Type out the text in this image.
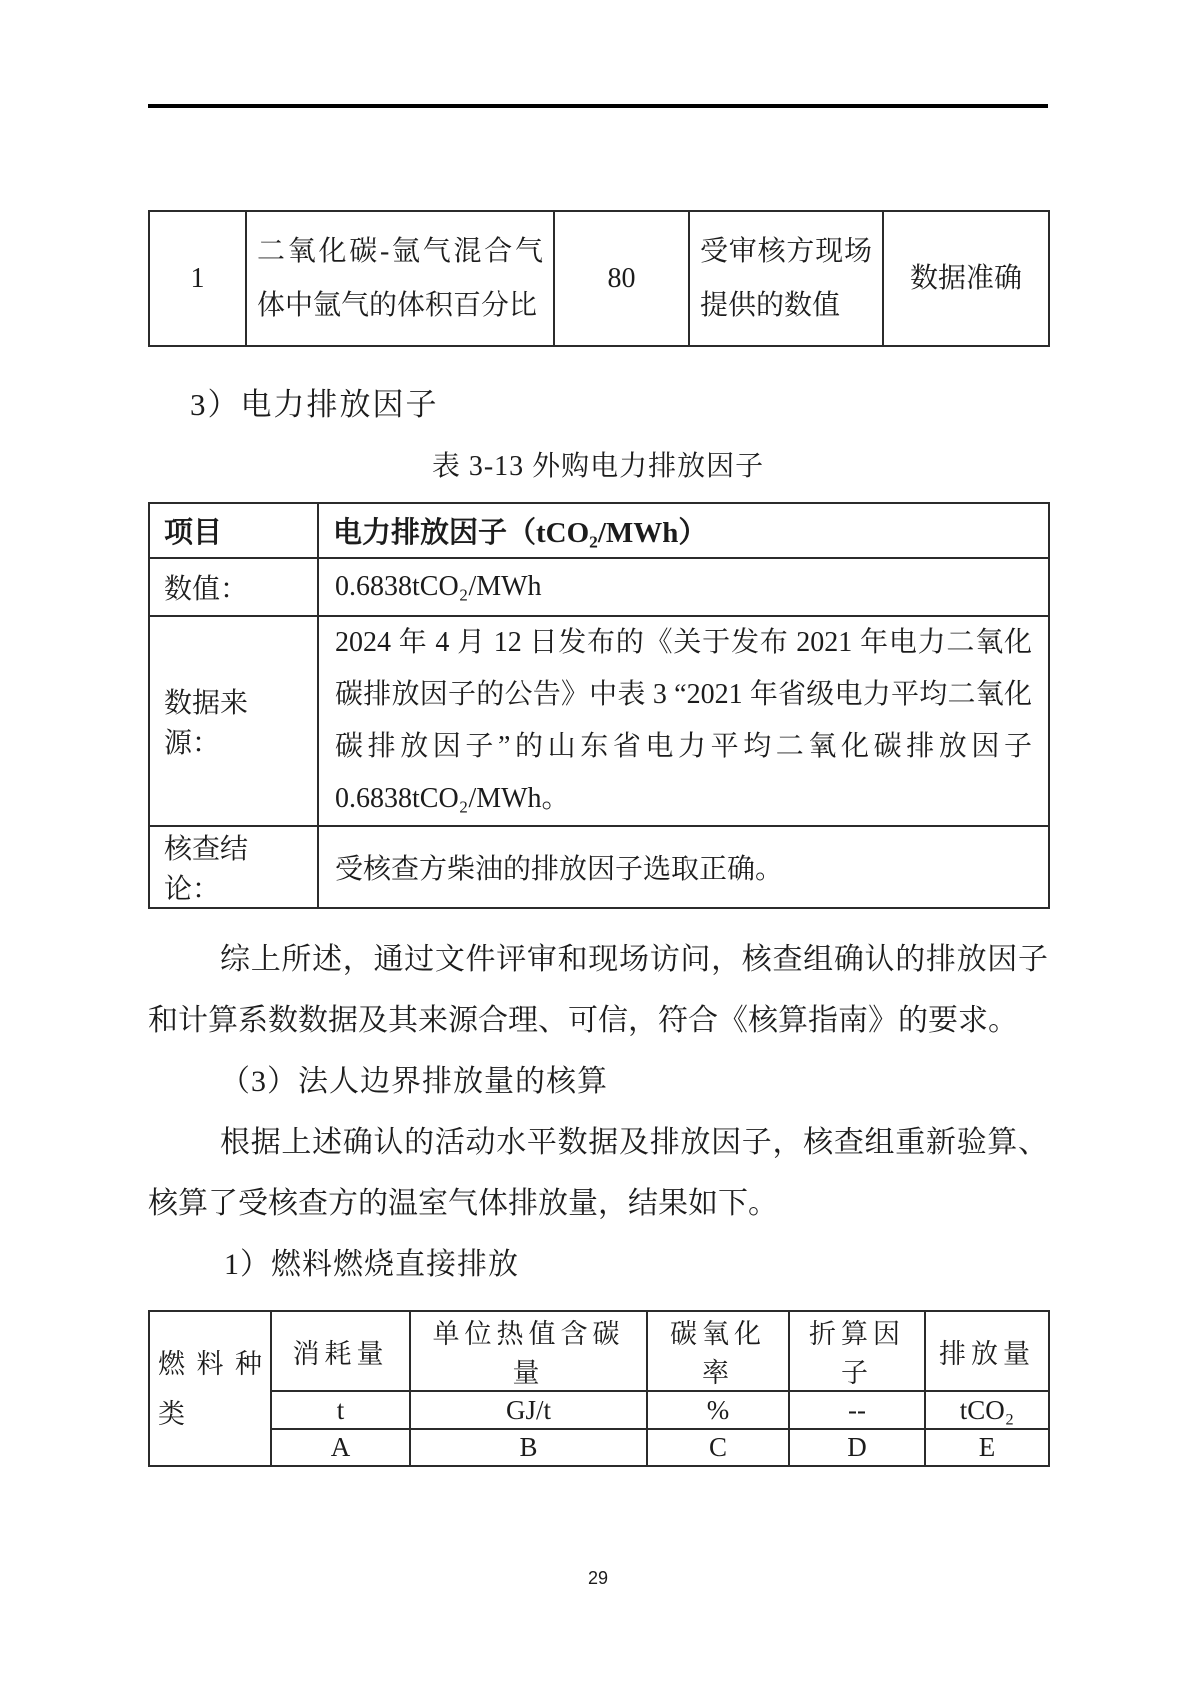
1	二氧化碳-氩气混合气体中氩气的体积百分比	80	受审核方现场提供的数值	数据准确
3）电力排放因子
表 3-13 外购电力排放因子
项目	电力排放因子（tCO₂/MWh）
数值：	0.6838tCO₂/MWh
数据来源：	2024 年 4 月 12 日发布的《关于发布 2021 年电力二氧化碳排放因子的公告》中表 3 “2021 年省级电力平均二氧化碳排放因子”的山东省电力平均二氧化碳排放因子 0.6838tCO₂/MWh。
核查结论：	受核查方柴油的排放因子选取正确。

综上所述，通过文件评审和现场访问，核查组确认的排放因子和计算系数数据及其来源合理、可信，符合《核算指南》的要求。

（3）法人边界排放量的核算

根据上述确认的活动水平数据及排放因子，核查组重新验算、核算了受核查方的温室气体排放量，结果如下。

1）燃料燃烧直接排放
燃 料 种 类	消耗量	单位热值含碳量	碳氧化率	折算因子	排放量
	t	GJ/t	%	--	tCO₂
	A	B	C	D	E
29
